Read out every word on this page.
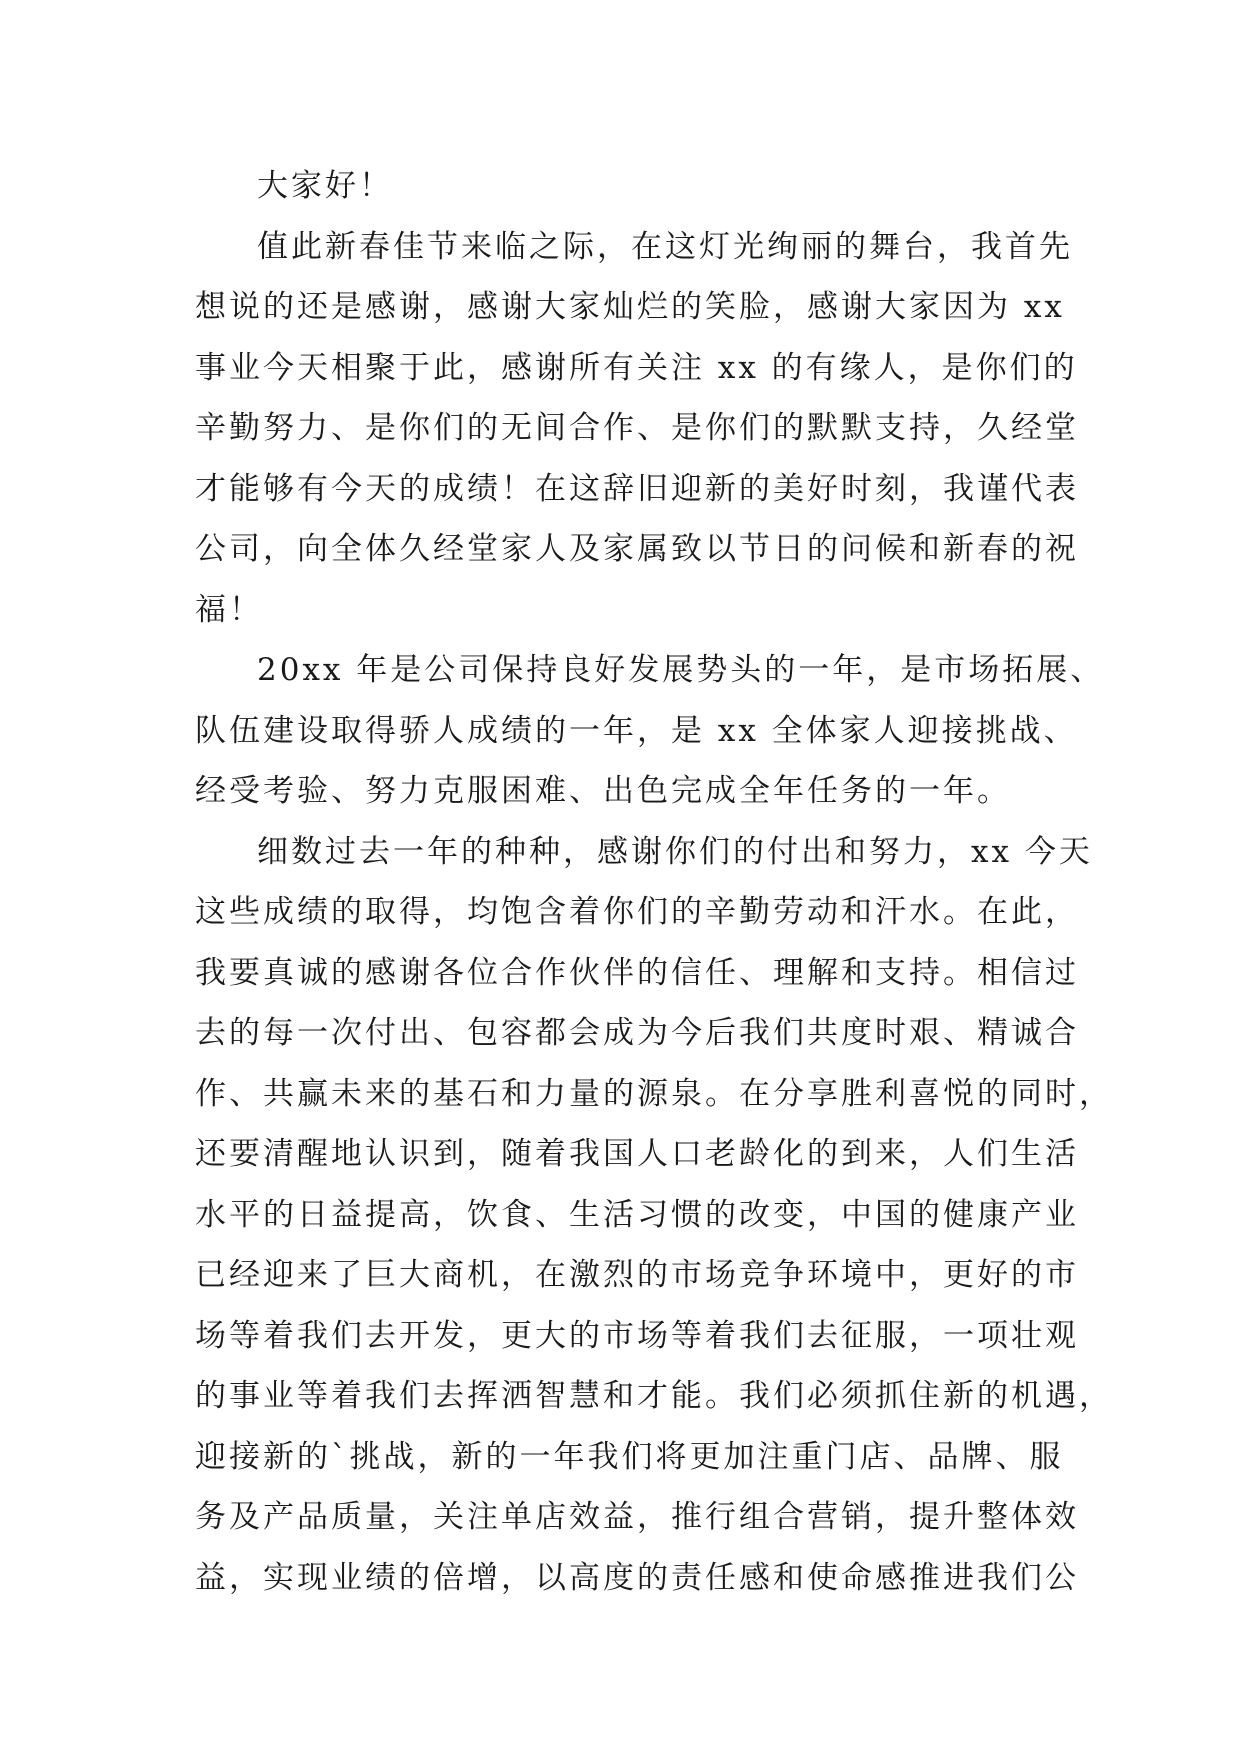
大家好！
值此新春佳节来临之际，在这灯光绚丽的舞台，我首先
想说的还是感谢，感谢大家灿烂的笑脸，感谢大家因为 xx
事业今天相聚于此，感谢所有关注 xx 的有缘人，是你们的
辛勤努力、是你们的无间合作、是你们的默默支持，久经堂
才能够有今天的成绩！在这辞旧迎新的美好时刻，我谨代表
公司，向全体久经堂家人及家属致以节日的问候和新春的祝
福！
20xx 年是公司保持良好发展势头的一年，是市场拓展、
队伍建设取得骄人成绩的一年，是 xx 全体家人迎接挑战、
经受考验、努力克服困难、出色完成全年任务的一年。
细数过去一年的种种，感谢你们的付出和努力，xx 今天
这些成绩的取得，均饱含着你们的辛勤劳动和汗水。在此，
我要真诚的感谢各位合作伙伴的信任、理解和支持。相信过
去的每一次付出、包容都会成为今后我们共度时艰、精诚合
作、共赢未来的基石和力量的源泉。在分享胜利喜悦的同时，
还要清醒地认识到，随着我国人口老龄化的到来，人们生活
水平的日益提高，饮食、生活习惯的改变，中国的健康产业
已经迎来了巨大商机，在激烈的市场竞争环境中，更好的市
场等着我们去开发，更大的市场等着我们去征服，一项壮观
的事业等着我们去挥洒智慧和才能。我们必须抓住新的机遇，
迎接新的`挑战，新的一年我们将更加注重门店、品牌、服
务及产品质量，关注单店效益，推行组合营销，提升整体效
益，实现业绩的倍增，以高度的责任感和使命感推进我们公
